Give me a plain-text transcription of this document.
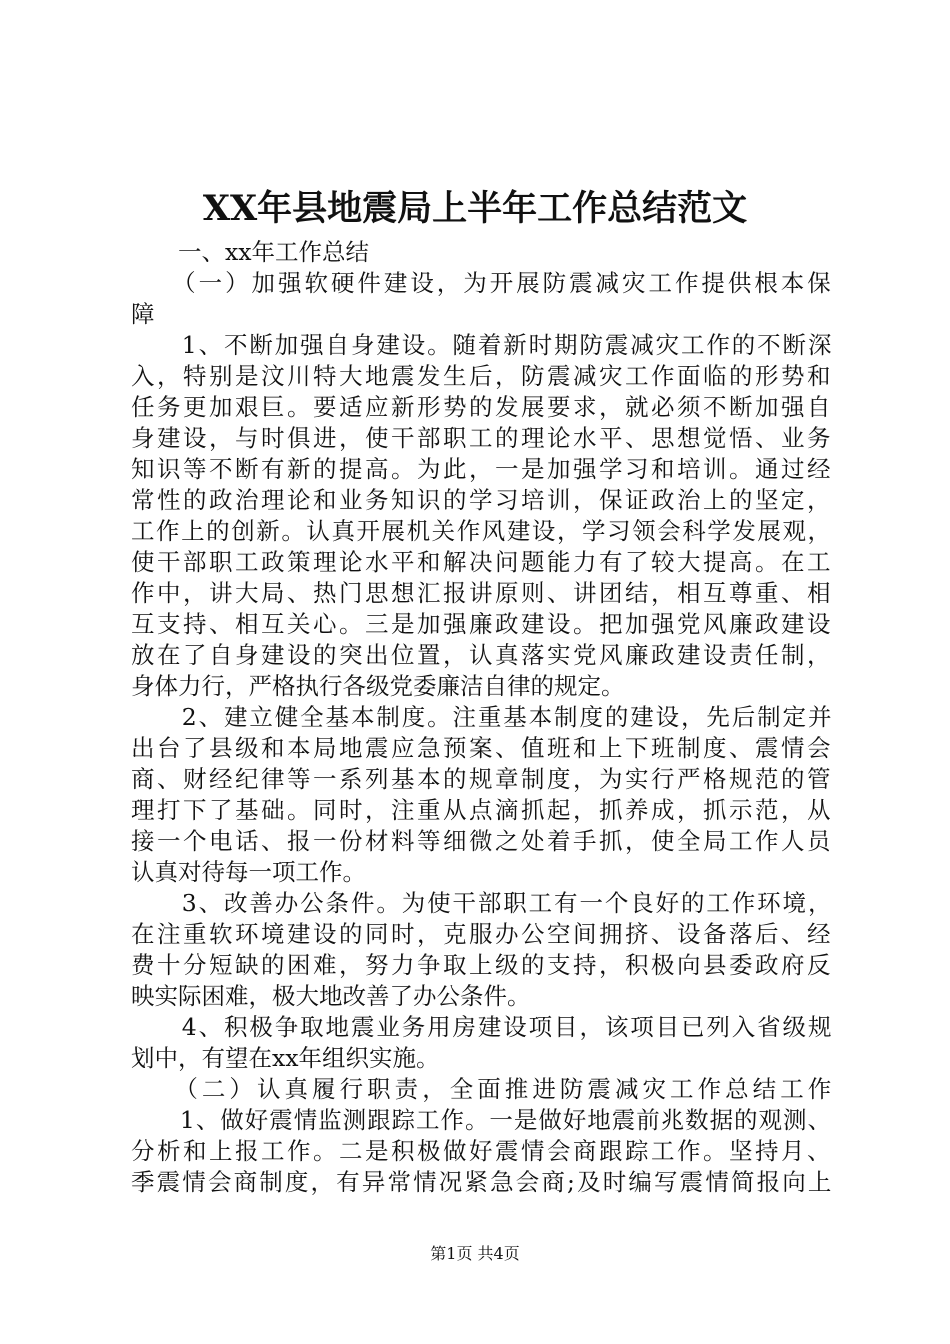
XX年县地震局上半年工作总结范文
　　一、xx年工作总结
　　（一）加强软硬件建设，为开展防震减灾工作提供根本保
障
　　1、不断加强自身建设。随着新时期防震减灾工作的不断深
入，特别是汶川特大地震发生后，防震减灾工作面临的形势和
任务更加艰巨。要适应新形势的发展要求，就必须不断加强自
身建设，与时俱进，使干部职工的理论水平、思想觉悟、业务
知识等不断有新的提高。为此，一是加强学习和培训。通过经
常性的政治理论和业务知识的学习培训，保证政治上的坚定，
工作上的创新。认真开展机关作风建设，学习领会科学发展观，
使干部职工政策理论水平和解决问题能力有了较大提高。在工
作中，讲大局、热门思想汇报讲原则、讲团结，相互尊重、相
互支持、相互关心。三是加强廉政建设。把加强党风廉政建设
放在了自身建设的突出位置，认真落实党风廉政建设责任制，
身体力行，严格执行各级党委廉洁自律的规定。
　　2、建立健全基本制度。注重基本制度的建设，先后制定并
出台了县级和本局地震应急预案、值班和上下班制度、震情会
商、财经纪律等一系列基本的规章制度，为实行严格规范的管
理打下了基础。同时，注重从点滴抓起，抓养成，抓示范，从
接一个电话、报一份材料等细微之处着手抓，使全局工作人员
认真对待每一项工作。
　　3、改善办公条件。为使干部职工有一个良好的工作环境，
在注重软环境建设的同时，克服办公空间拥挤、设备落后、经
费十分短缺的困难，努力争取上级的支持，积极向县委政府反
映实际困难，极大地改善了办公条件。
　　4、积极争取地震业务用房建设项目，该项目已列入省级规
划中，有望在xx年组织实施。
　　（二）认真履行职责，全面推进防震减灾工作总结工作
　　1、做好震情监测跟踪工作。一是做好地震前兆数据的观测、
分析和上报工作。二是积极做好震情会商跟踪工作。坚持月、
季震情会商制度，有异常情况紧急会商;及时编写震情简报向上
第1页 共4页
